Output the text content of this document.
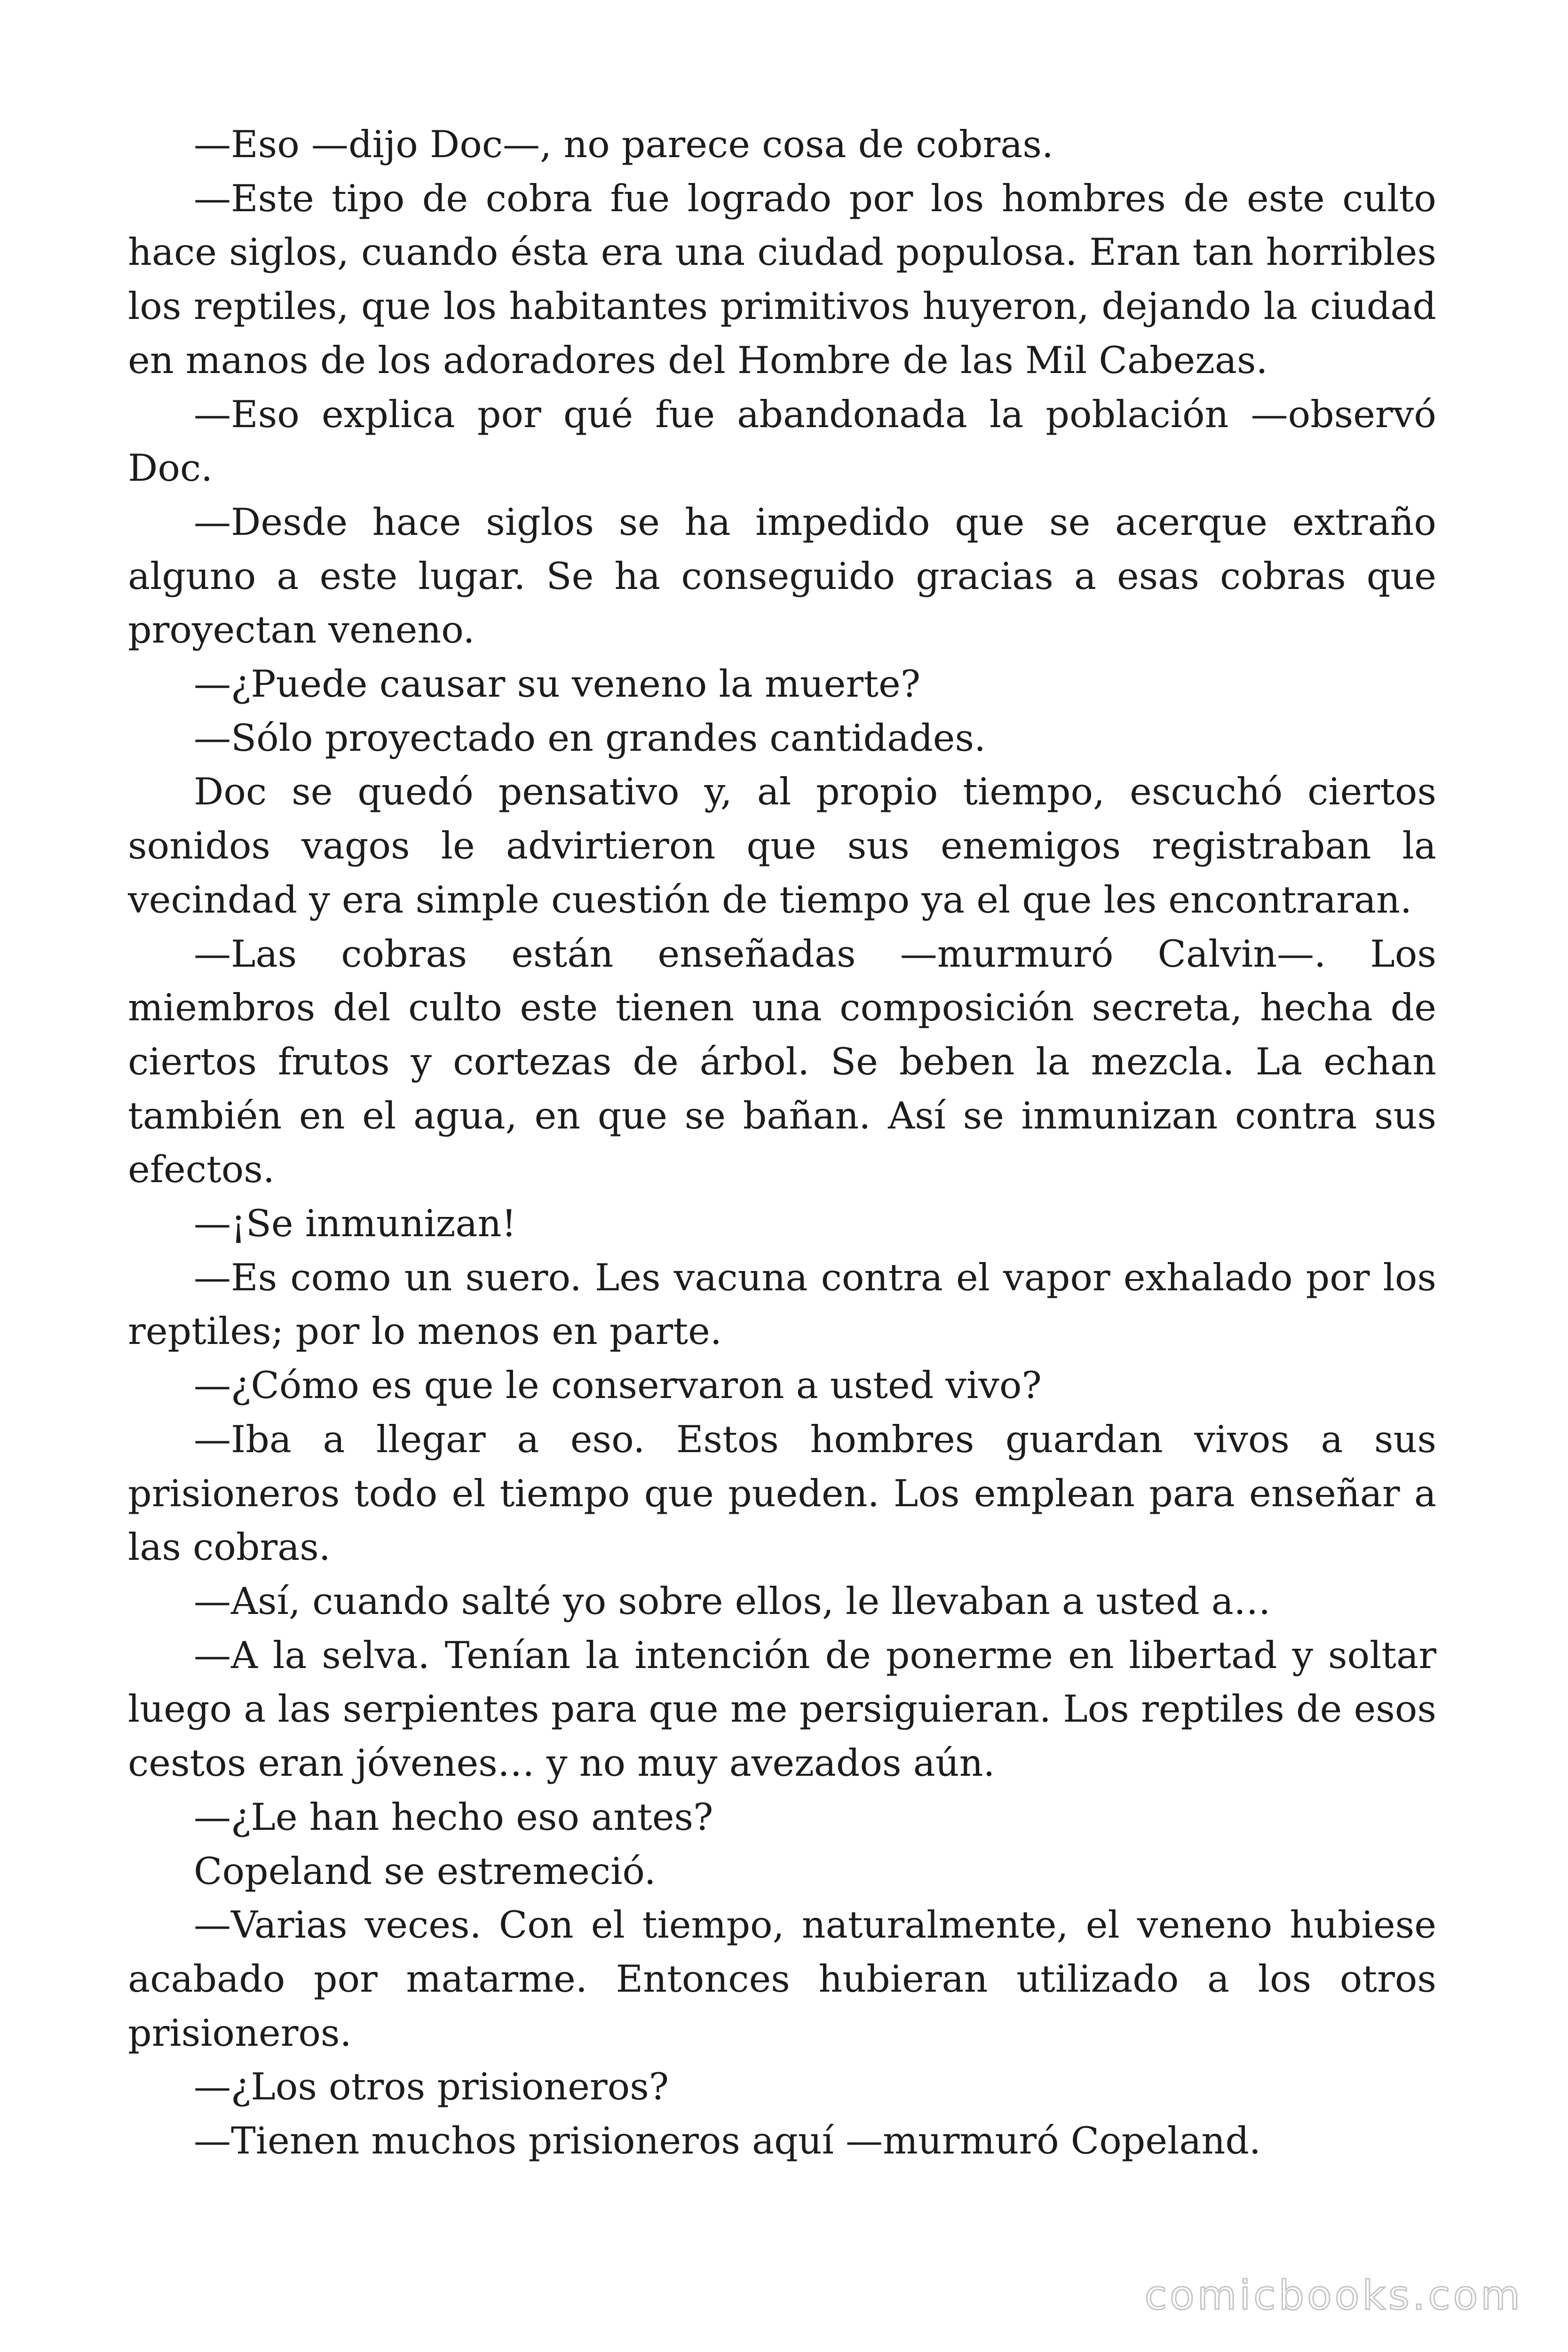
—Eso —dijo Doc—, no parece cosa de cobras.

—Este tipo de cobra fue logrado por los hombres de este culto hace siglos, cuando ésta era una ciudad populosa. Eran tan horribles los reptiles, que los habitantes primitivos huyeron, dejando la ciudad en manos de los adoradores del Hombre de las Mil Cabezas.

—Eso explica por qué fue abandonada la población —observó Doc.

—Desde hace siglos se ha impedido que se acerque extraño alguno a este lugar. Se ha conseguido gracias a esas cobras que proyectan veneno.

—¿Puede causar su veneno la muerte?

—Sólo proyectado en grandes cantidades.

Doc se quedó pensativo y, al propio tiempo, escuchó ciertos sonidos vagos le advirtieron que sus enemigos registraban la vecindad y era simple cuestión de tiempo ya el que les encontraran.

—Las cobras están enseñadas —murmuró Calvin—. Los miembros del culto este tienen una composición secreta, hecha de ciertos frutos y cortezas de árbol. Se beben la mezcla. La echan también en el agua, en que se bañan. Así se inmunizan contra sus efectos.

—¡Se inmunizan!

—Es como un suero. Les vacuna contra el vapor exhalado por los reptiles; por lo menos en parte.

—¿Cómo es que le conservaron a usted vivo?

—Iba a llegar a eso. Estos hombres guardan vivos a sus prisioneros todo el tiempo que pueden. Los emplean para enseñar a las cobras.

—Así, cuando salté yo sobre ellos, le llevaban a usted a…

—A la selva. Tenían la intención de ponerme en libertad y soltar luego a las serpientes para que me persiguieran. Los reptiles de esos cestos eran jóvenes… y no muy avezados aún.

—¿Le han hecho eso antes?

Copeland se estremeció.

—Varias veces. Con el tiempo, naturalmente, el veneno hubiese acabado por matarme. Entonces hubieran utilizado a los otros prisioneros.

—¿Los otros prisioneros?

—Tienen muchos prisioneros aquí —murmuró Copeland.

comicbooks.com
